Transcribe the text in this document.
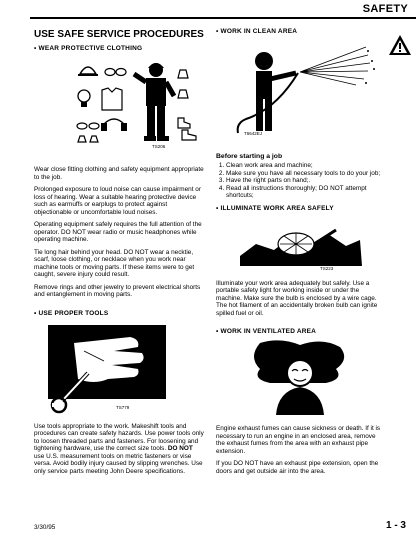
SAFETY
USE SAFE SERVICE PROCEDURES
• WEAR PROTECTIVE CLOTHING
TS206

Wear close fitting clothing and safety equipment appropriate to the job.

Prolonged exposure to loud noise can cause impairment or loss of hearing. Wear a suitable hearing protective device such as earmuffs or earplugs to protect against objectionable or uncomfortable loud noises.

Operating equipment safely requires the full attention of the operator. DO NOT wear radio or music headphones while operating machine.

Tie long hair behind your head. DO NOT wear a necktie, scarf, loose clothing, or necklace when you work near machine tools or moving parts. If these items were to get caught, severe injury could result.

Remove rings and other jewelry to prevent electrical shorts and entanglement in moving parts.

• USE PROPER TOOLS
TS779

Use tools appropriate to the work. Makeshift tools and procedures can create safety hazards. Use power tools only to loosen threaded parts and fasteners. For loosening and tightening hardware, use the correct size tools. DO NOT use U.S. measurement tools on metric fasteners or vise versa. Avoid bodily injury caused by slipping wrenches. Use only service parts meeting John Deere specifications.

• WORK IN CLEAN AREA
T6642EJ
Before starting a job
1. Clean work area and machine;
2. Make sure you have all necessary tools to do your job;
3. Have the right parts on hand;.
4. Read all instructions thoroughly; DO NOT attempt shortcuts;
• ILLUMINATE WORK AREA SAFELY
TS223

Illuminate your work area adequately but safely. Use a portable safety light for working inside or under the machine. Make sure the bulb is enclosed by a wire cage. The hot filament of an accidentally broken bulb can ignite spilled fuel or oil.

• WORK IN VENTILATED AREA
TS220

Engine exhaust fumes can cause sickness or death. If it is necessary to run an engine in an enclosed area, remove the exhaust fumes from the area with an exhaust pipe extension.

If you DO NOT have an exhaust pipe extension, open the doors and get outside air into the area.

3/30/95	1 - 3
